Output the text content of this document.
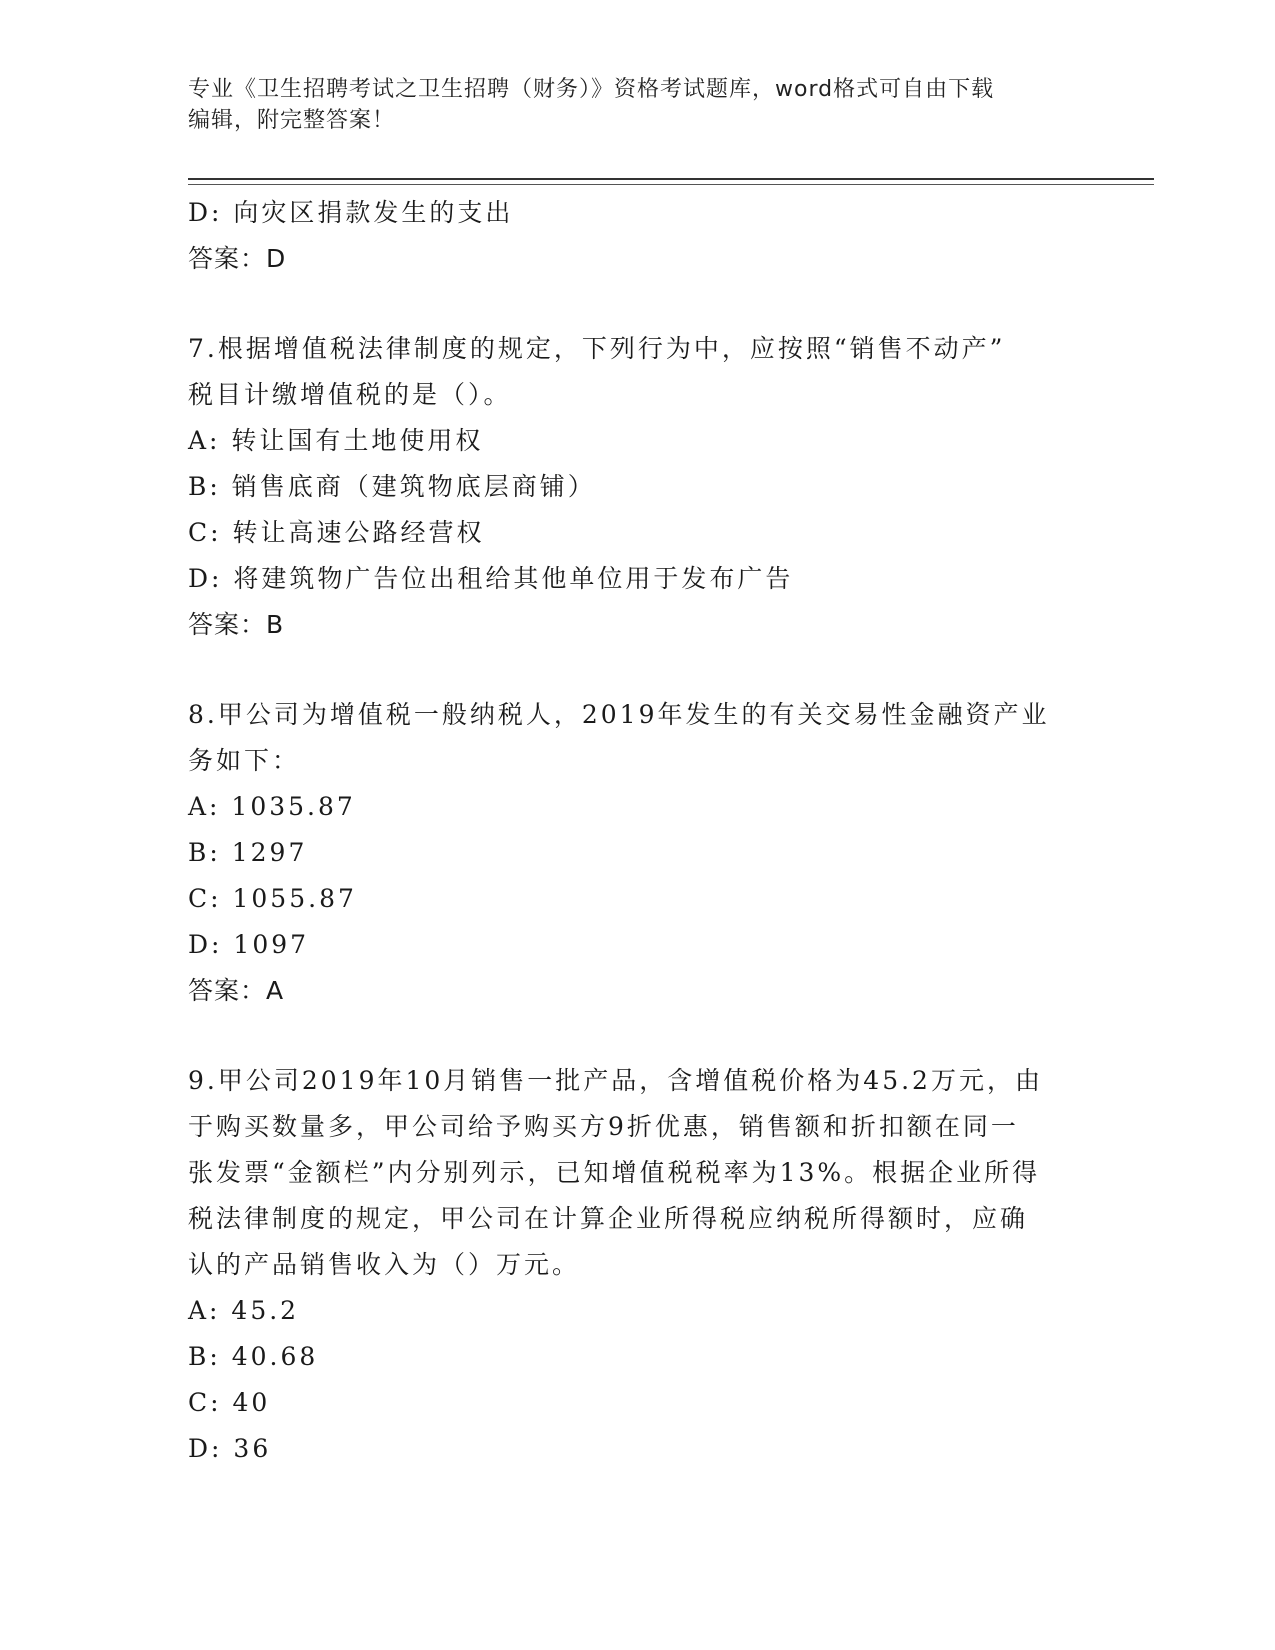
专业《卫生招聘考试之卫生招聘（财务）》资格考试题库，word格式可自由下载
编辑，附完整答案！
D: 向灾区捐款发生的支出
答案：D
7.根据增值税法律制度的规定，下列行为中，应按照“销售不动产”
税目计缴增值税的是（）。
A: 转让国有土地使用权
B: 销售底商（建筑物底层商铺）
C: 转让高速公路经营权
D: 将建筑物广告位出租给其他单位用于发布广告
答案：B
8.甲公司为增值税一般纳税人，2019年发生的有关交易性金融资产业
务如下：
A: 1035.87
B: 1297
C: 1055.87
D: 1097
答案：A
9.甲公司2019年10月销售一批产品，含增值税价格为45.2万元，由
于购买数量多，甲公司给予购买方9折优惠，销售额和折扣额在同一
张发票“金额栏”内分别列示，已知增值税税率为13%。根据企业所得
税法律制度的规定，甲公司在计算企业所得税应纳税所得额时，应确
认的产品销售收入为（）万元。
A: 45.2
B: 40.68
C: 40
D: 36
